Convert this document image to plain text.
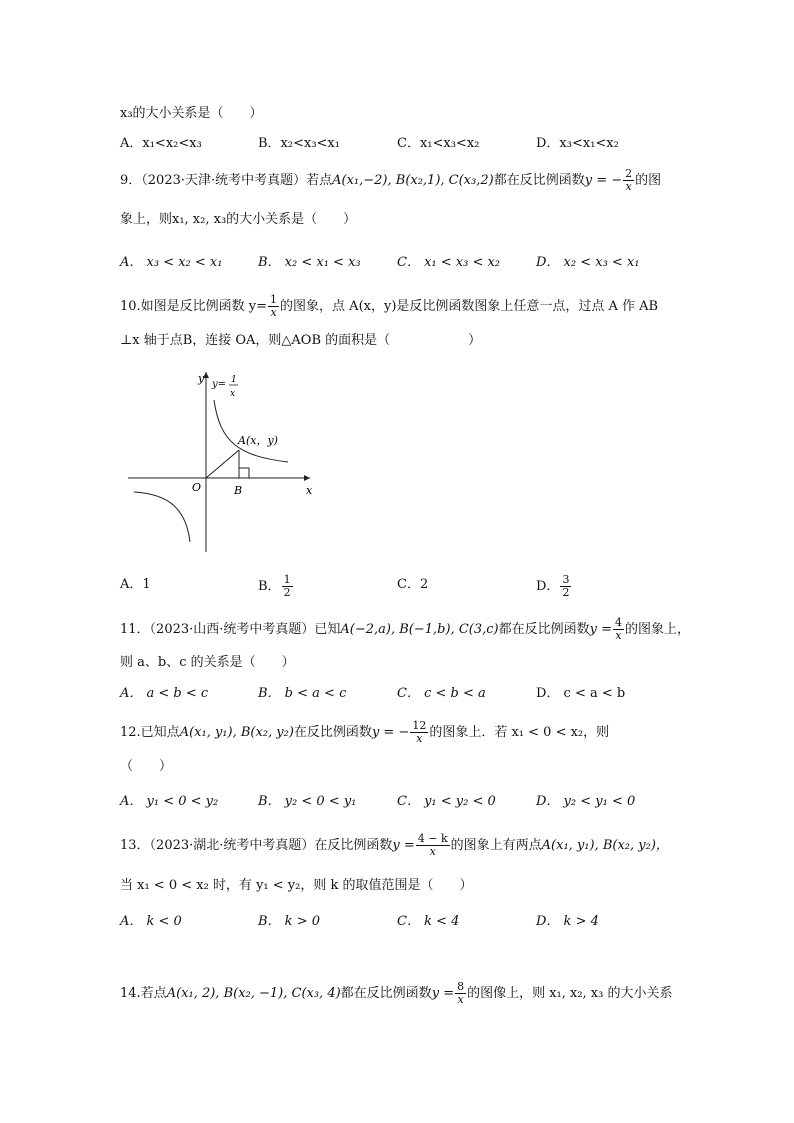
x₃的大小关系是（　　）
A．x₁<x₂<x₃	B．x₂<x₃<x₁	C．x₁<x₃<x₂	D．x₃<x₁<x₂
9．（2023·天津·统考中考真题）若点A(x₁,−2), B(x₂,1), C(x₃,2)都在反比例函数y = − $\frac{2}{x}$ 的图
象上，则x₁, x₂, x₃的大小关系是（　　）
A． x₃ < x₂ < x₁	B． x₂ < x₁ < x₃	C． x₁ < x₃ < x₂	D． x₂ < x₃ < x₁
10.如图是反比例函数 $y= \frac{1}{x}$ 的图象，点 A(x，y)是反比例函数图象上任意一点，过点 A 作 AB
⊥x 轴于点B，连接 OA，则△AOB 的面积是（　　　　　　）
y= 1
x
y
x
O
A(x，y)
B
A．1	B． $\frac{1}{2}$	C．2	D． $\frac{3}{2}$
11．（2023·山西·统考中考真题）已知A(−2,a), B(−1,b), C(3,c)都在反比例函数$y = \frac{4}{x}$ 的图象上，
则 a、b、c 的关系是（　　）
A． a < b < c	B． b < a < c	C． c < b < a	D． c < a < b
12.已知点A(x₁, y₁), B(x₂, y₂)在反比例函数y = − $\frac{12}{x}$ 的图象上．若 x₁ < 0 < x₂，则
（　　）
A． y₁ < 0 < y₂	B． y₂ < 0 < y₁	C． y₁ < y₂ < 0	D． y₂ < y₁ < 0
13．（2023·湖北·统考中考真题）在反比例函数$y = \frac{4 - k}{x}$ 的图象上有两点A(x₁, y₁), B(x₂, y₂)，
当 x₁ < 0 < x₂ 时，有 y₁ < y₂，则 k 的取值范围是（　　）
A． k < 0	B． k > 0	C． k < 4	D． k > 4
14.若点A(x₁, 2), B(x₂, −1), C(x₃, 4)都在反比例函数$y = \frac{8}{x}$ 的图像上，则 x₁, x₂, x₃ 的大小关系
